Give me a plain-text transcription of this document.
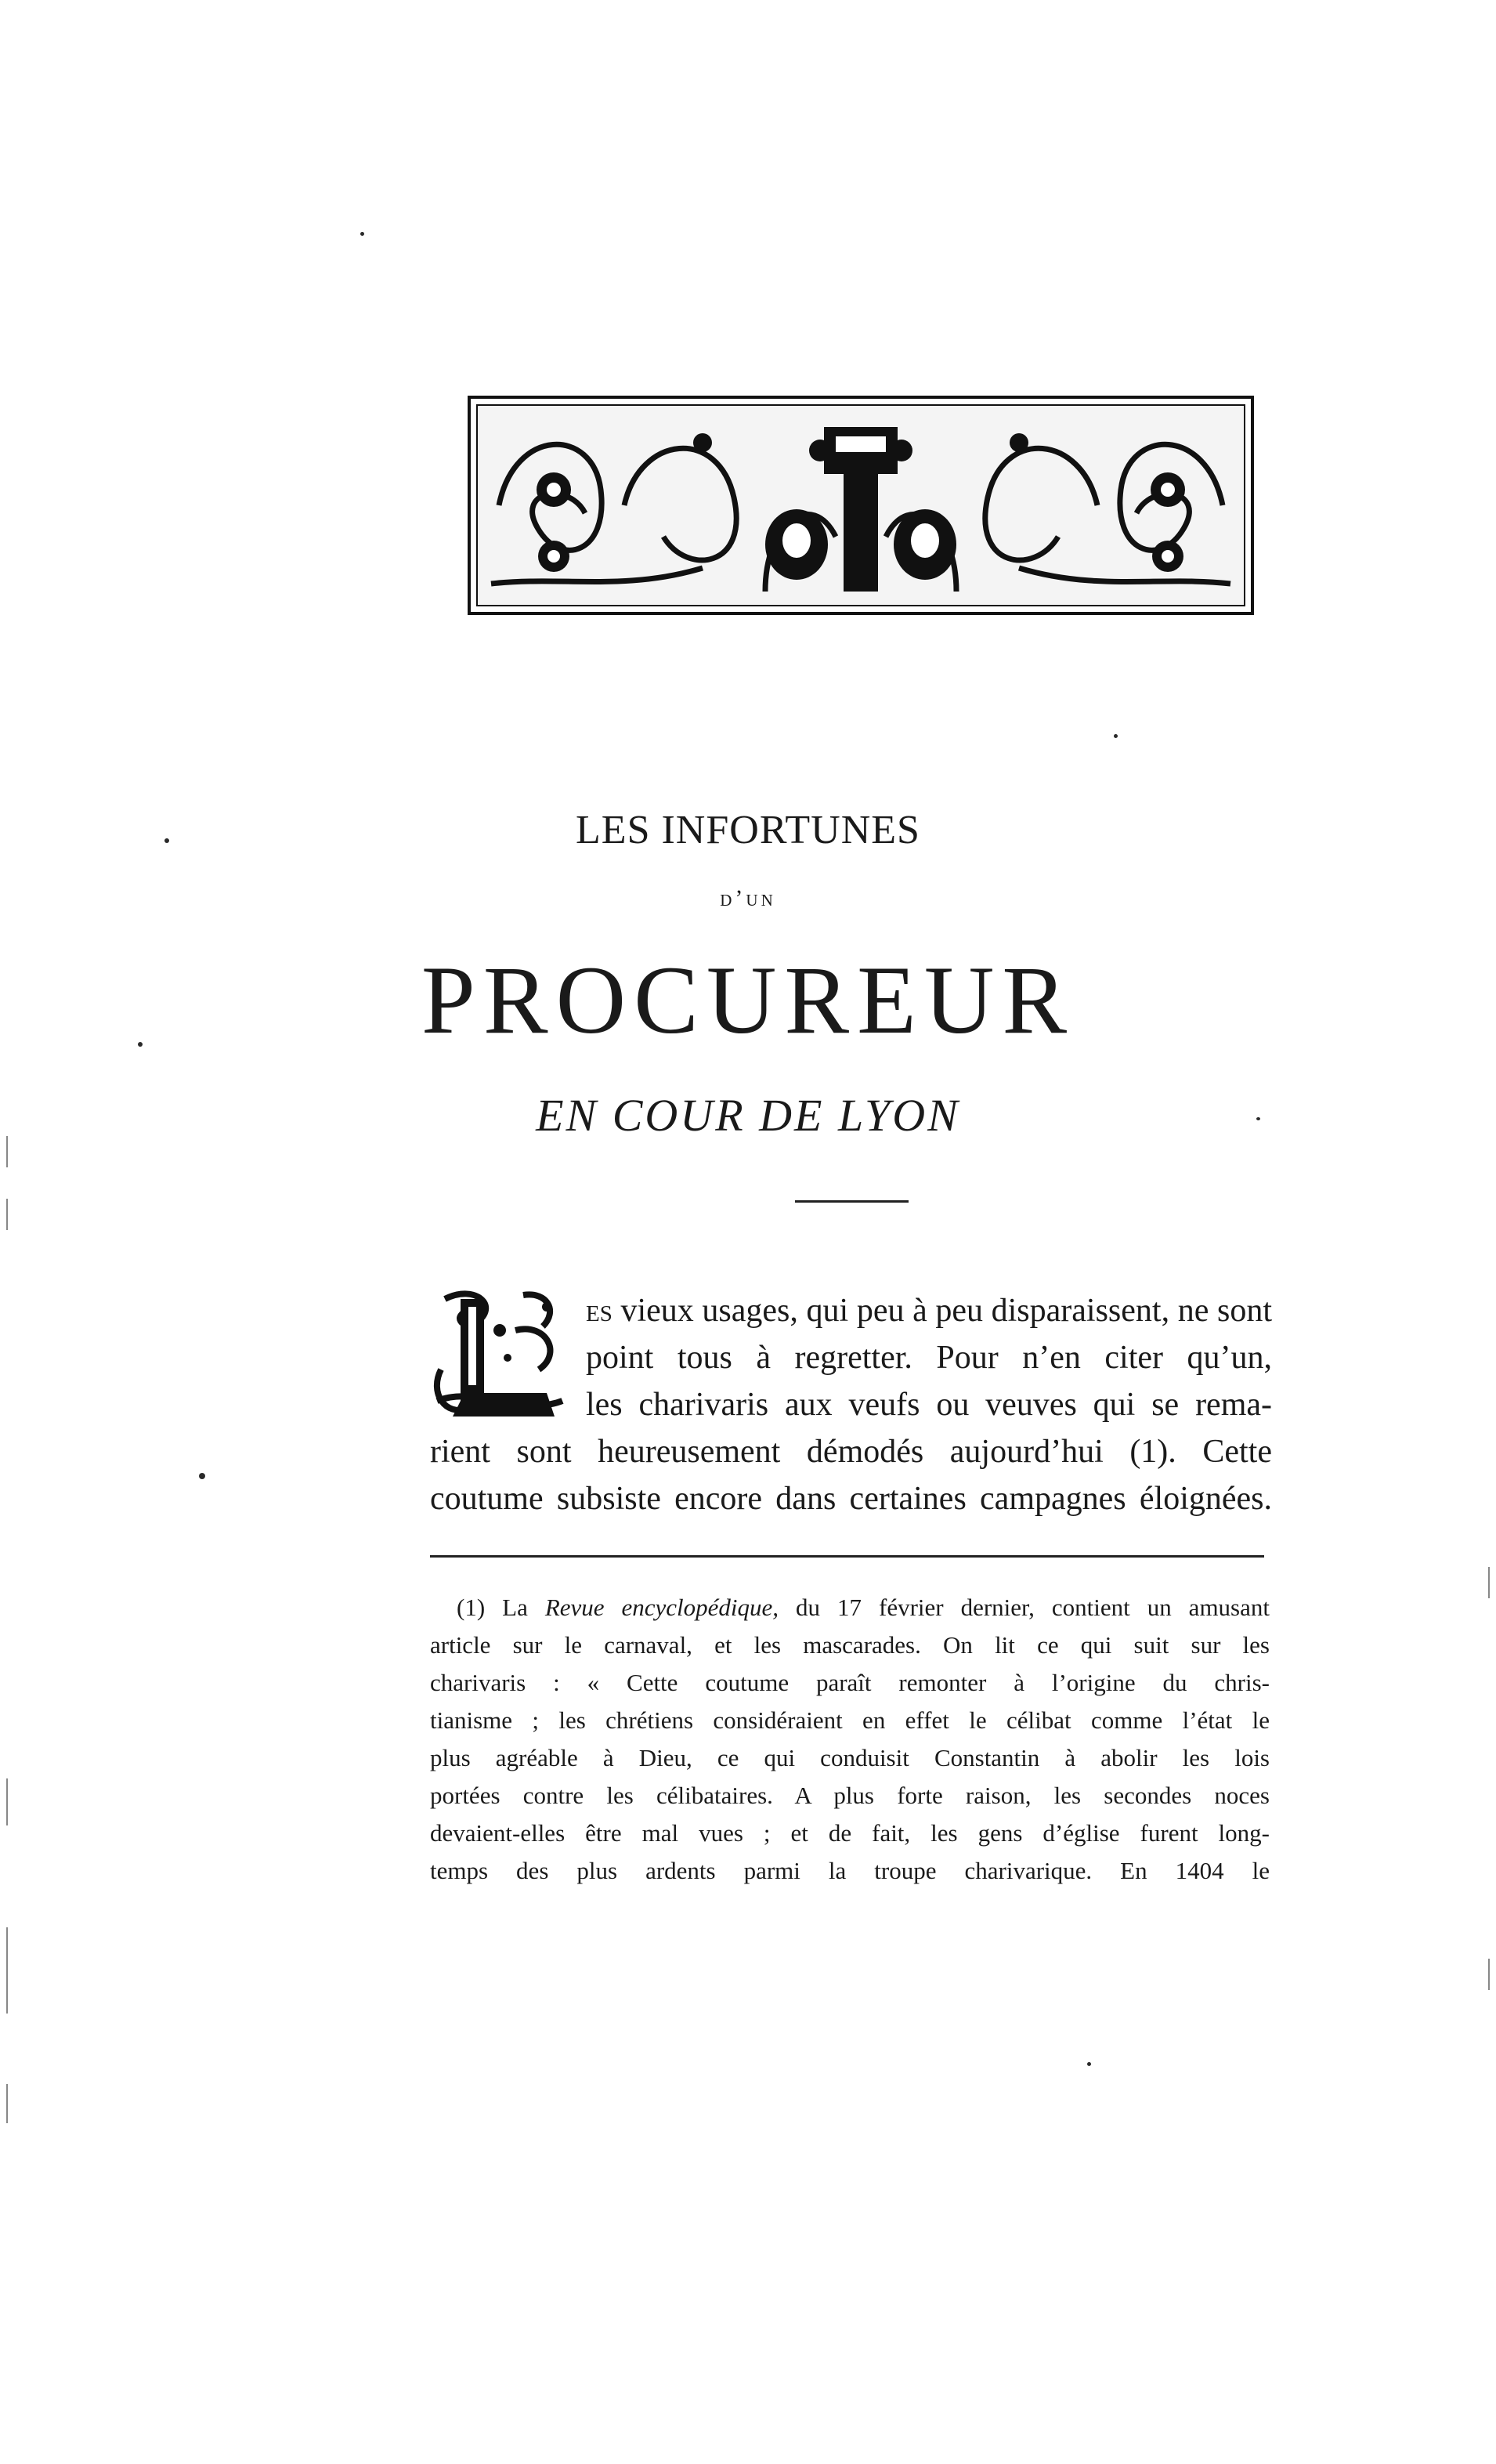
LES INFORTUNES
d’un
PROCUREUR
EN COUR DE LYON
L
es vieux usages, qui peu à peu disparaissent, ne sont
point tous à regretter. Pour n’en citer qu’un,
les charivaris aux veufs ou veuves qui se rema-
rient sont heureusement démodés aujourd’hui (1). Cette
coutume subsiste encore dans certaines campagnes éloignées.
(1) La Revue encyclopédique, du 17 février dernier, contient un amusant
article sur le carnaval, et les mascarades. On lit ce qui suit sur les
charivaris : « Cette coutume paraît remonter à l’origine du chris-
tianisme ; les chrétiens considéraient en effet le célibat comme l’état le
plus agréable à Dieu, ce qui conduisit Constantin à abolir les lois
portées contre les célibataires. A plus forte raison, les secondes noces
devaient-elles être mal vues ; et de fait, les gens d’église furent long-
temps des plus ardents parmi la troupe charivarique. En 1404 le
